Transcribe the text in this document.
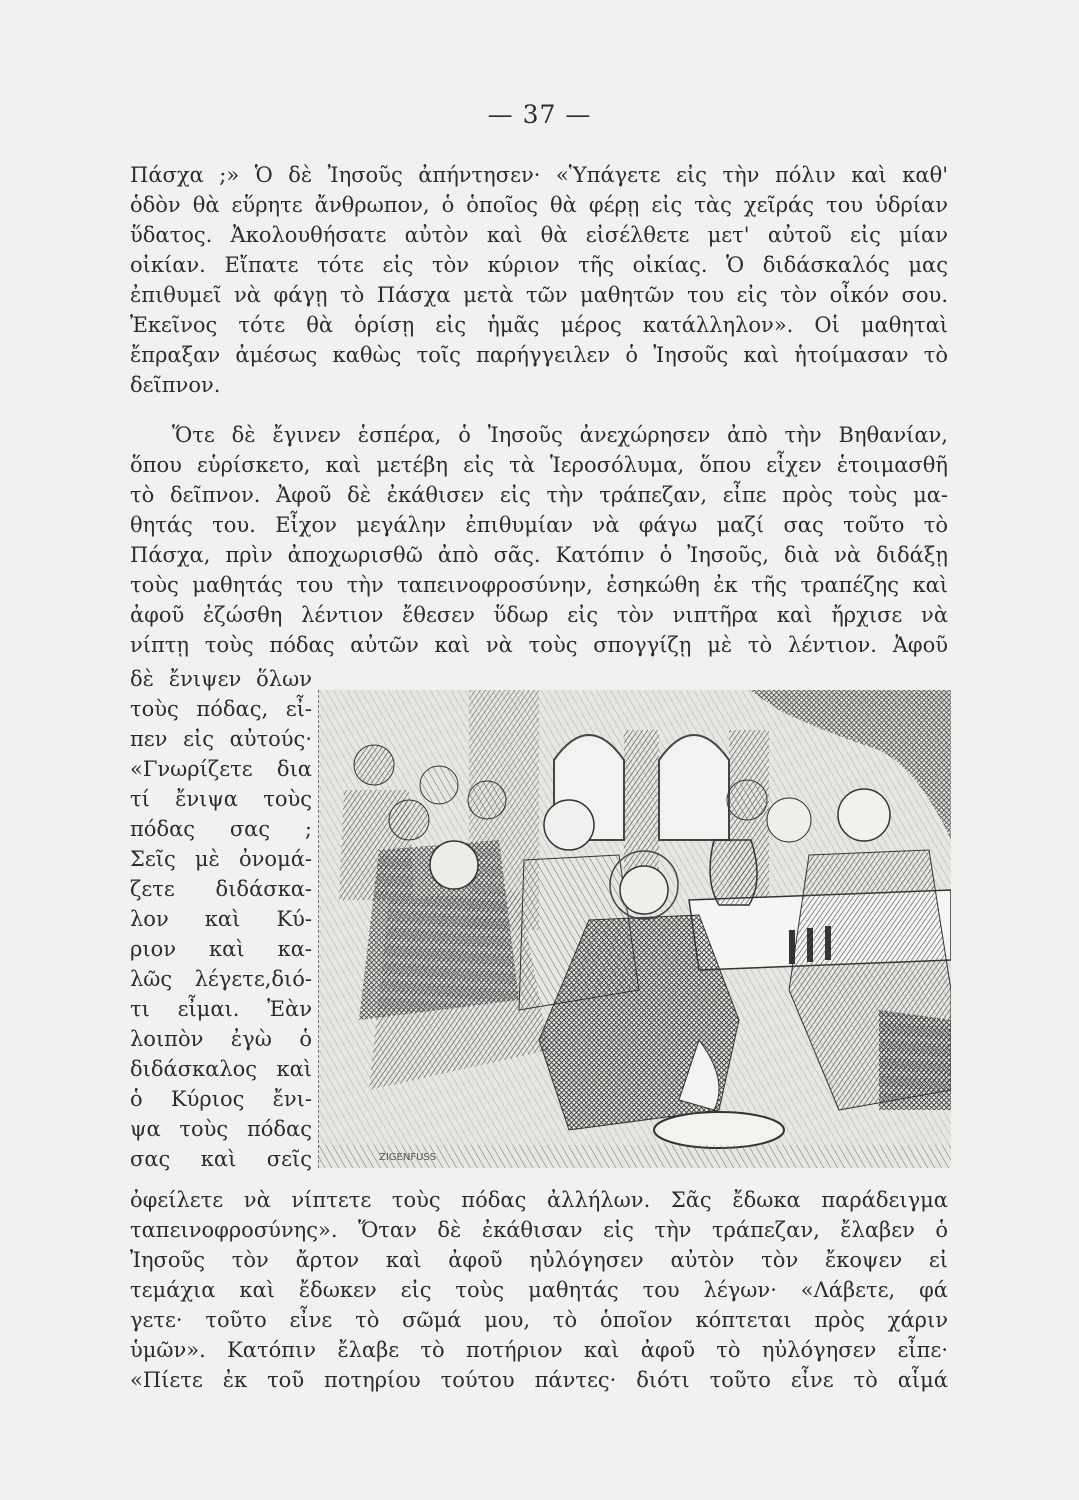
— 37 —
Πάσχα ;» Ὁ δὲ Ἰησοῦς ἀπήντησεν· «Ὑπάγετε εἰς τὴν πόλιν καὶ καθ'
ὁδὸν θὰ εὕρητε ἄνθρωπον, ὁ ὁποῖος θὰ φέρῃ εἰς τὰς χεῖράς του ὑδρίαν
ὕδατος. Ἀκολουθήσατε αὐτὸν καὶ θὰ εἰσέλθετε μετ' αὐτοῦ εἰς μίαν
οἰκίαν. Εἴπατε τότε εἰς τὸν κύριον τῆς οἰκίας. Ὁ διδάσκαλός μας
ἐπιθυμεῖ νὰ φάγῃ τὸ Πάσχα μετὰ τῶν μαθητῶν του εἰς τὸν οἶκόν σου.
Ἐκεῖνος τότε θὰ ὁρίσῃ εἰς ἡμᾶς μέρος κατάλληλον». Οἱ μαθηταὶ
ἔπραξαν ἀμέσως καθὼς τοῖς παρήγγειλεν ὁ Ἰησοῦς καὶ ἡτοίμασαν τὸ
δεῖπνον.
Ὅτε δὲ ἔγινεν ἑσπέρα, ὁ Ἰησοῦς ἀνεχώρησεν ἀπὸ τὴν Βηθανίαν,
ὅπου εὑρίσκετο, καὶ μετέβη εἰς τὰ Ἱεροσόλυμα, ὅπου εἶχεν ἑτοιμασθῆ
τὸ δεῖπνον. Ἀφοῦ δὲ ἐκάθισεν εἰς τὴν τράπεζαν, εἶπε πρὸς τοὺς μα-
θητάς του. Εἶχον μεγάλην ἐπιθυμίαν νὰ φάγω μαζί σας τοῦτο τὸ
Πάσχα, πρὶν ἀποχωρισθῶ ἀπὸ σᾶς. Κατόπιν ὁ Ἰησοῦς, διὰ νὰ διδάξῃ
τοὺς μαθητάς του τὴν ταπεινοφροσύνην, ἐσηκώθη ἐκ τῆς τραπέζης καὶ
ἀφοῦ ἐζώσθη λέντιον ἔθεσεν ὕδωρ εἰς τὸν νιπτῆρα καὶ ἤρχισε νὰ
νίπτῃ τοὺς πόδας αὐτῶν καὶ νὰ τοὺς σπογγίζῃ μὲ τὸ λέντιον. Ἀφοῦ
δὲ ἔνιψεν ὅλων
τοὺς πόδας, εἶ-
πεν εἰς αὐτούς·
«Γνωρίζετε δια
τί ἔνιψα τοὺς
πόδας σας ;
Σεῖς μὲ ὀνομά-
ζετε διδάσκα-
λον καὶ Κύ-
ριον καὶ κα-
λῶς λέγετε,διό-
τι εἶμαι. Ἐὰν
λοιπὸν ἐγὼ ὁ
διδάσκαλος καὶ
ὁ Κύριος ἔνι-
ψα τοὺς πόδας
σας καὶ σεῖς
ὀφείλετε νὰ νίπτετε τοὺς πόδας ἀλλήλων. Σᾶς ἔδωκα παράδειγμα
ταπεινοφροσύνης». Ὅταν δὲ ἐκάθισαν εἰς τὴν τράπεζαν, ἔλαβεν ὁ
Ἰησοῦς τὸν ἄρτον καὶ ἀφοῦ ηὐλόγησεν αὐτὸν τὸν ἔκοψεν εἰ
τεμάχια καὶ ἔδωκεν εἰς τοὺς μαθητάς του λέγων· «Λάβετε, φά
γετε· τοῦτο εἶνε τὸ σῶμά μου, τὸ ὁποῖον κόπτεται πρὸς χάριν
ὑμῶν». Κατόπιν ἔλαβε τὸ ποτήριον καὶ ἀφοῦ τὸ ηὐλόγησεν εἶπε·
«Πίετε ἐκ τοῦ ποτηρίου τούτου πάντες· διότι τοῦτο εἶνε τὸ αἷμά
ZIGENFUSS
